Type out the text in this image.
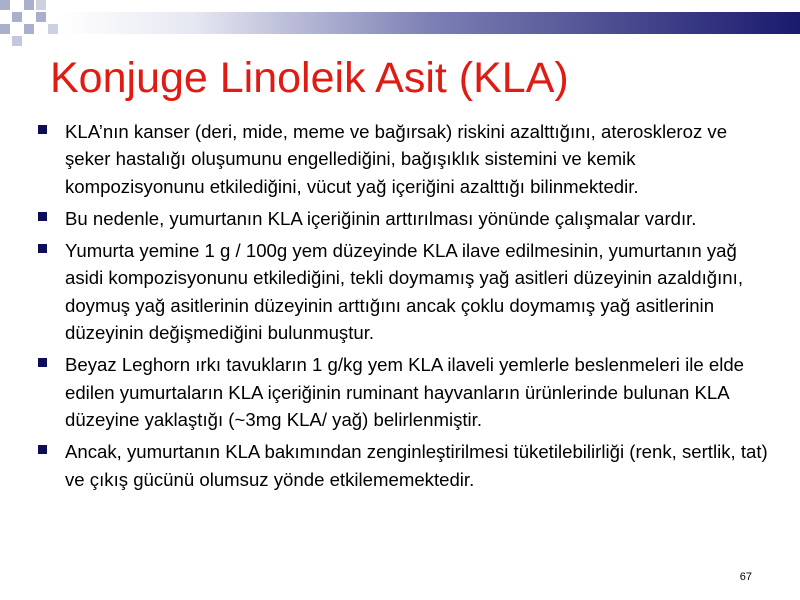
Konjuge Linoleik Asit (KLA)
KLA’nın kanser (deri, mide, meme ve bağırsak) riskini azalttığını, ateroskleroz ve şeker hastalığı oluşumunu engellediğini, bağışıklık sistemini ve kemik kompozisyonunu etkilediğini, vücut yağ içeriğini azalttığı bilinmektedir.
Bu nedenle, yumurtanın KLA içeriğinin arttırılması yönünde çalışmalar vardır.
Yumurta yemine 1 g / 100g yem düzeyinde KLA ilave edilmesinin, yumurtanın yağ asidi kompozisyonunu etkilediğini, tekli doymamış yağ asitleri düzeyinin azaldığını, doymuş yağ asitlerinin düzeyinin arttığını ancak çoklu doymamış yağ asitlerinin düzeyinin değişmediğini bulunmuştur.
Beyaz Leghorn ırkı tavukların 1 g/kg yem KLA ilaveli yemlerle beslenmeleri ile elde edilen yumurtaların KLA içeriğinin ruminant hayvanların ürünlerinde bulunan KLA düzeyine yaklaştığı (~3mg KLA/ yağ) belirlenmiştir.
Ancak, yumurtanın KLA bakımından zenginleştirilmesi tüketilebilirliği (renk, sertlik, tat) ve çıkış gücünü olumsuz yönde etkilememektedir.
67
